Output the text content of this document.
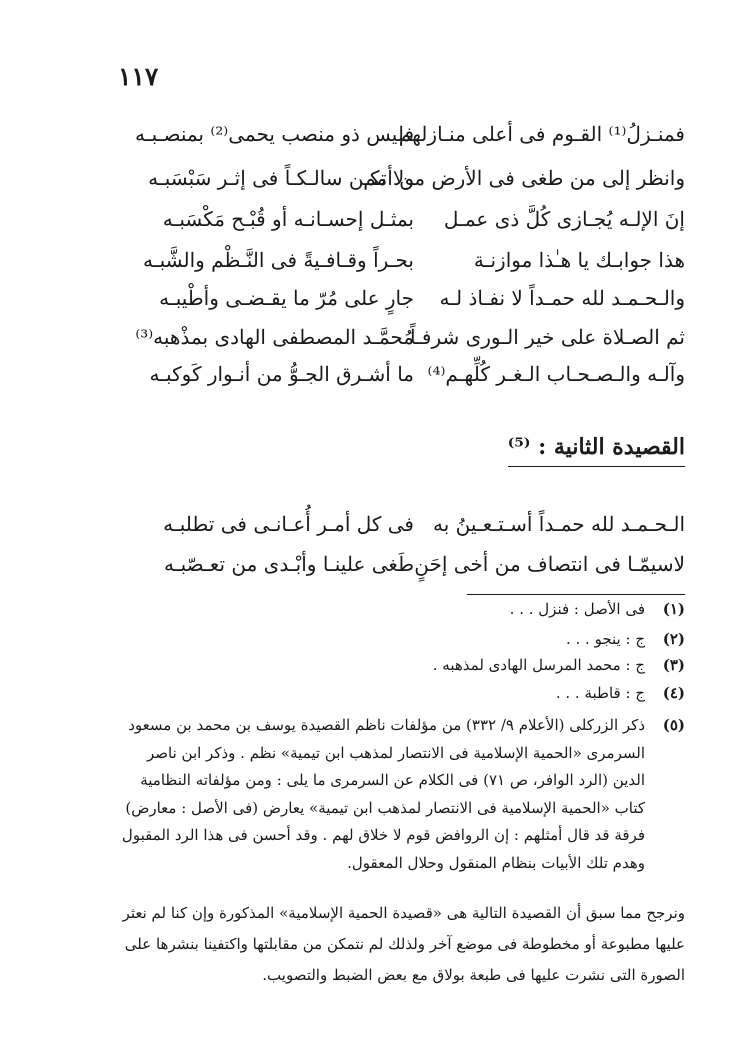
١١٧
فمنـزلُ⁽¹⁾ القـوم فى أعلى منـازلهم
فليس ذو منصب يحمى⁽²⁾ بمنصـبـه
وانظر إلى من طغى فى الأرض من أمم
ولا تكـن سالـكـاً فى إثـر سَبْسَبـه
إنَ الإلـه يُجـازى كُلَّ ذى عمـل
بمثـل إحسـانـه أو قُبْـح مَكْسَبـه
هذا جوابـك يا هـٰذا موازنـة
بحـراً وقـافـيةً فى النَّـظْم والشَّبـه
والـحـمـد لله حمـداً لا نفـاذ لـه
جارٍ على مُرّ ما يقـضـى وأطْيبـه
ثم الصـلاة على خير الـورى شرفـاً
مُحمَّـد المصطفى الهادى بمذْهبه⁽³⁾
وآلـه والـصـحـاب الـغـر كُلِّهـم⁽⁴⁾
ما أشـرق الجـوُّ من أنـوار كَوكبـه
القصيدة الثانية : ⁽⁵⁾
الـحـمـد لله حمـداً أسـتـعـينُ به
فى كل أمـر أُعـانـى فى تطلبـه
لاسيمّـا فى انتصاف من أخى إحَنٍ
طَغى علينـا وأبْـدى من تعـصّبـه
(١)فى الأصل : فنزل . . .
(٢)ج : ينجو . . .
(٣)ج : محمد المرسل الهادى لمذهبه .
(٤)ج : قاطبة . . .
(٥)
ذكر الزركلى (الأعلام ٩/ ٣٣٢) من مؤلفات ناظم القصيدة يوسف بن محمد بن مسعود السرمرى «الحمية الإسلامية فى الانتصار لمذهب ابن تيمية» نظم . وذكر ابن ناصر الدين (الرد الوافر، ص ٧١) فى الكلام عن السرمرى ما يلى : ومن مؤلفاته النظامية كتاب «الحمية الإسلامية فى الانتصار لمذهب ابن تيمية» يعارض (فى الأصل : معارض) فرقة قد قال أمثلهم : إن الروافض قوم لا خلاق لهم . وقد أحسن فى هذا الرد المقبول وهدم تلك الأبيات بنظام المنقول وحلال المعقول.
ونرجح مما سبق أن القصيدة التالية هى «قصيدة الحمية الإسلامية» المذكورة وإن كنا لم نعثر عليها مطبوعة أو مخطوطة فى موضع آخر ولذلك لم نتمكن من مقابلتها واكتفينا بنشرها على الصورة التى نشرت عليها فى طبعة بولاق مع بعض الضبط والتصويب.
